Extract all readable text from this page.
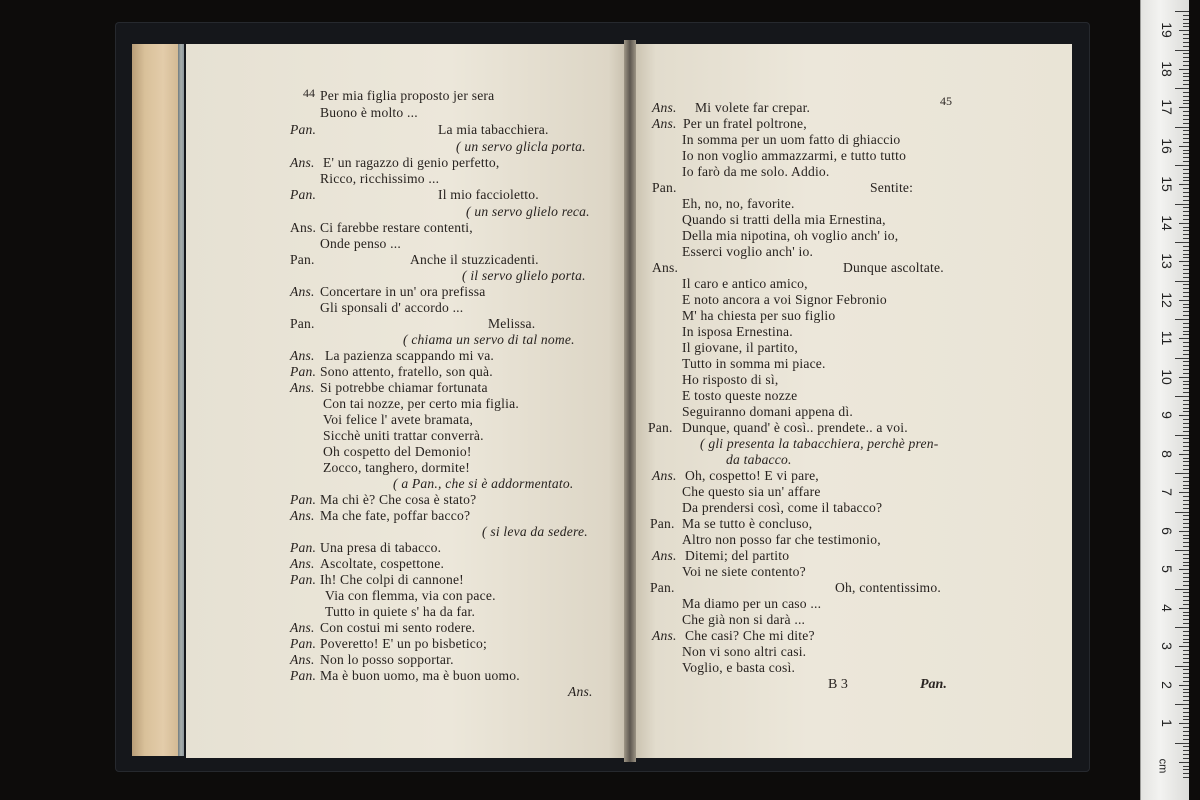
44
45
Per mia figlia proposto jer sera
Buono è molto ...
Pan.	La mia tabacchiera.
( un servo glicla porta.
Ans. E' un ragazzo di genio perfetto,
Ricco, ricchissimo ...
Pan.	Il mio faccioletto.
( un servo glielo reca.
Ans. Ci farebbe restare contenti,
Onde penso ...
Pan.	Anche il stuzzicadenti.
( il servo glielo porta.
Ans. Concertare in un' ora prefissa
Gli sponsali d' accordo ...
Pan.	Melissa.
( chiama un servo di tal nome.
Ans. La pazienza scappando mi va.
Pan. Sono attento, fratello, son quà.
Ans. Si potrebbe chiamar fortunata
Con tai nozze, per certo mia figlia.
Voi felice l' avete bramata,
Sicchè uniti trattar converrà.
Oh cospetto del Demonio!
Zocco, tanghero, dormite!
( a Pan., che si è addormentato.
Pan. Ma chi è? Che cosa è stato?
Ans. Ma che fate, poffar bacco?
( si leva da sedere.
Pan. Una presa di tabacco.
Ans. Ascoltate, cospettone.
Pan. Ih! Che colpi di cannone!
Via con flemma, via con pace.
Tutto in quiete s' ha da far.
Ans. Con costui mi sento rodere.
Pan. Poveretto! E' un po bisbetico;
Ans. Non lo posso sopportar.
Pan. Ma è buon uomo, ma è buon uomo.
Ans.
Ans. Mi volete far crepar.
Ans. Per un fratel poltrone,
In somma per un uom fatto di ghiaccio
Io non voglio ammazzarmi, e tutto tutto
Io farò da me solo. Addio.
Pan.	Sentite:
Eh, no, no, favorite.
Quando si tratti della mia Ernestina,
Della mia nipotina, oh voglio anch' io,
Esserci voglio anch' io.
Ans.	Dunque ascoltate.
Il caro e antico amico,
E noto ancora a voi Signor Febronio
M' ha chiesta per suo figlio
In isposa Ernestina.
Il giovane, il partito,
Tutto in somma mi piace.
Ho risposto di sì,
E tosto queste nozze
Seguiranno domani appena dì.
Pan. Dunque, quand' è così.. prendete.. a voi.
( gli presenta la tabacchiera, perchè pren-
da tabacco.
Ans. Oh, cospetto! E vi pare,
Che questo sia un' affare
Da prendersi così, come il tabacco?
Pan. Ma se tutto è concluso,
Altro non posso far che testimonio,
Ans. Ditemi; del partito
Voi ne siete contento?
Pan.	Oh, contentissimo.
Ma diamo per un caso ...
Che già non si darà ...
Ans. Che casi? Che mi dite?
Non vi sono altri casi.
Voglio, e basta così.
B 3	Pan.
cm
19
18
17
16
15
14
13
12
11
10
9
8
7
6
5
4
3
2
1
